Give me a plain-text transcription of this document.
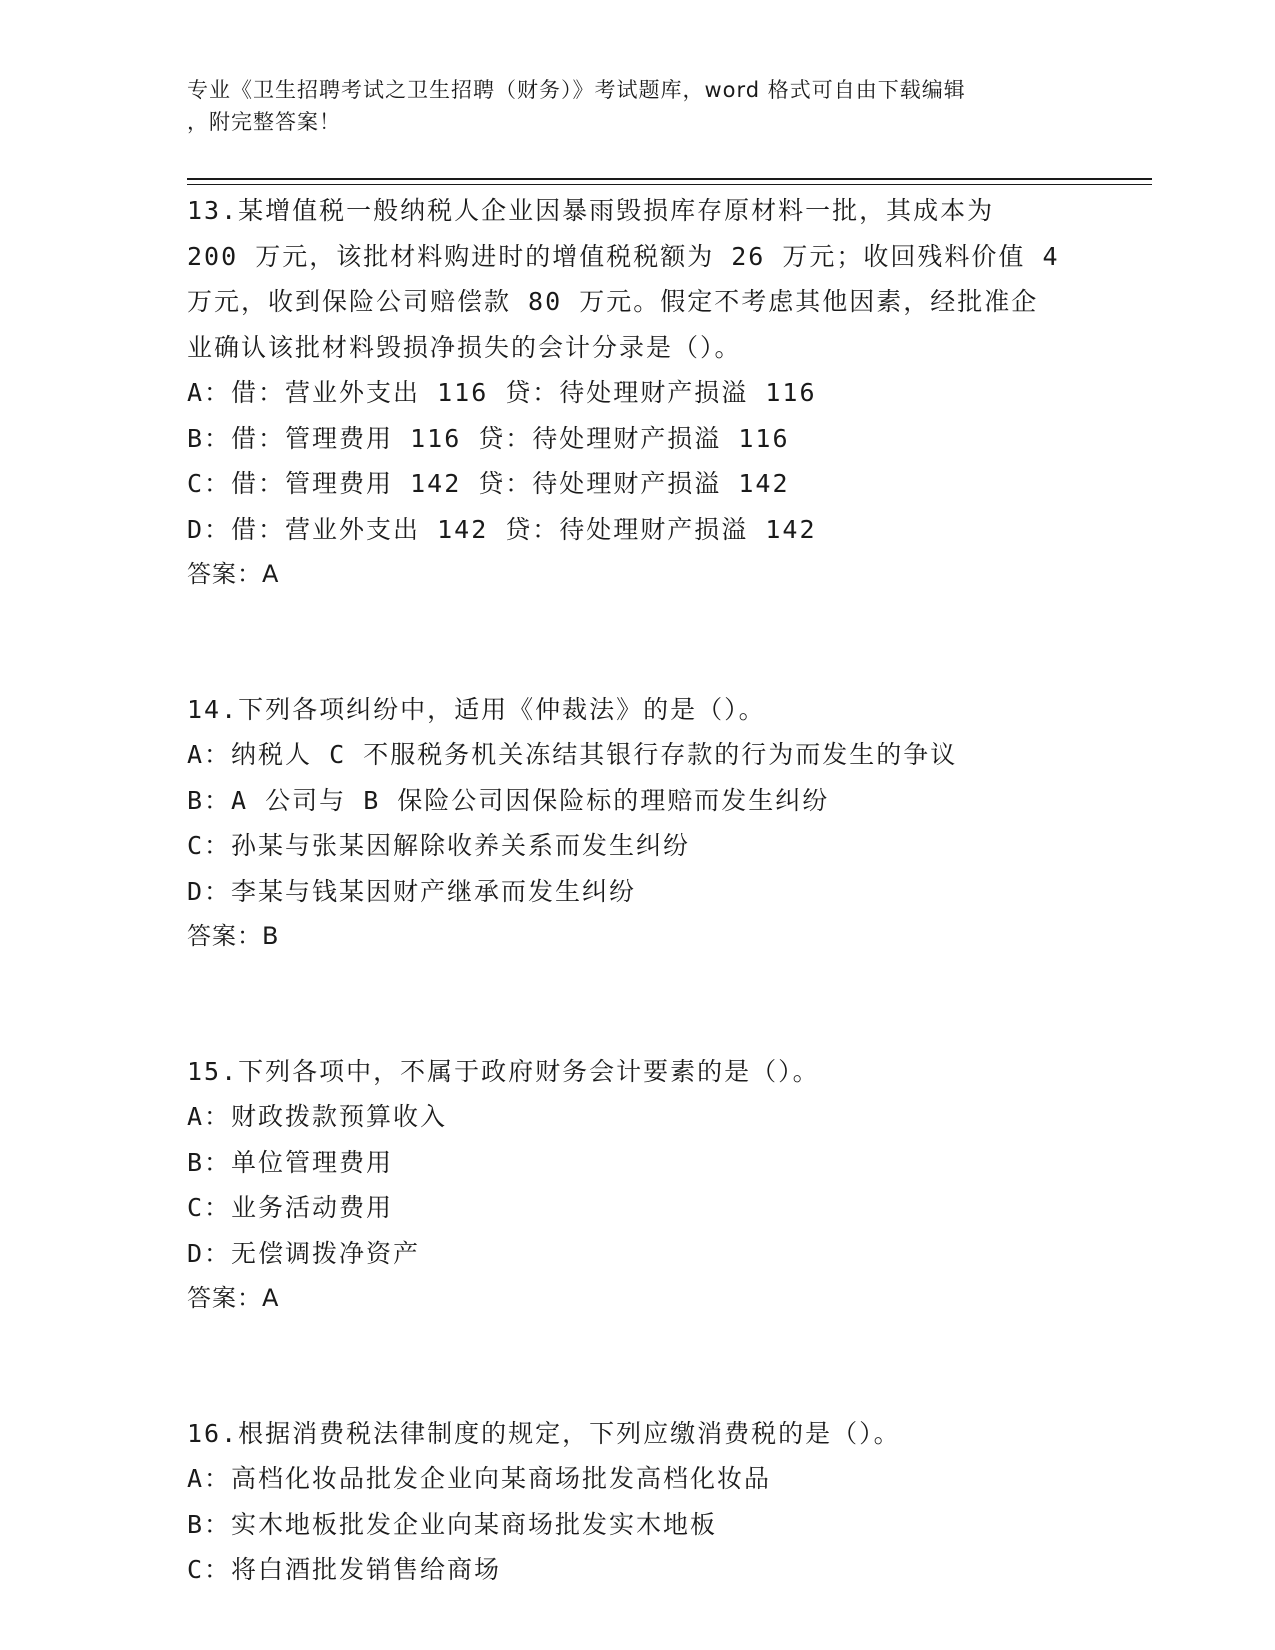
专业《卫生招聘考试之卫生招聘（财务）》考试题库，word 格式可自由下载编辑
，附完整答案！
13.某增值税一般纳税人企业因暴雨毁损库存原材料一批，其成本为
200 万元，该批材料购进时的增值税税额为 26 万元；收回残料价值 4
万元，收到保险公司赔偿款 80 万元。假定不考虑其他因素，经批准企
业确认该批材料毁损净损失的会计分录是（）。
A：借：营业外支出 116 贷：待处理财产损溢 116
B：借：管理费用 116 贷：待处理财产损溢 116
C：借：管理费用 142 贷：待处理财产损溢 142
D：借：营业外支出 142 贷：待处理财产损溢 142
答案：A
14.下列各项纠纷中，适用《仲裁法》的是（）。
A：纳税人 C 不服税务机关冻结其银行存款的行为而发生的争议
B：A 公司与 B 保险公司因保险标的理赔而发生纠纷
C：孙某与张某因解除收养关系而发生纠纷
D：李某与钱某因财产继承而发生纠纷
答案：B
15.下列各项中，不属于政府财务会计要素的是（）。
A：财政拨款预算收入
B：单位管理费用
C：业务活动费用
D：无偿调拨净资产
答案：A
16.根据消费税法律制度的规定，下列应缴消费税的是（）。
A：高档化妆品批发企业向某商场批发高档化妆品
B：实木地板批发企业向某商场批发实木地板
C：将白酒批发销售给商场
